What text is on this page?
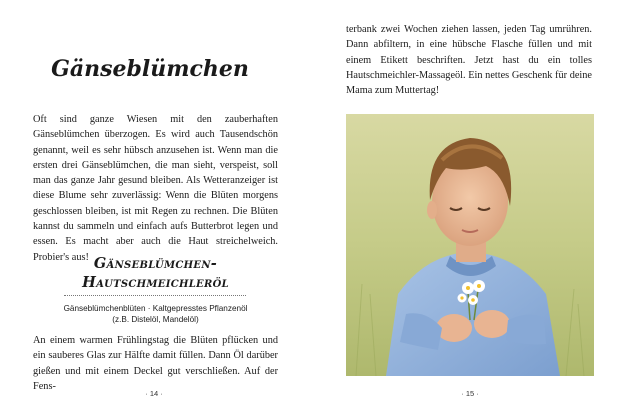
Gänseblümchen

Oft sind ganze Wiesen mit den zauberhaften Gänseblümchen überzogen. Es wird auch Tausendschön genannt, weil es sehr hübsch anzusehen ist. Wenn man die ersten drei Gänseblümchen, die man sieht, verspeist, soll man das ganze Jahr gesund bleiben. Als Wetteranzeiger ist diese Blume sehr zuverlässig: Wenn die Blüten morgens geschlossen bleiben, ist mit Regen zu rechnen. Die Blüten kannst du sammeln und einfach aufs Butterbrot legen und essen. Es macht aber auch die Haut streichelweich. Probier's aus! Gänseblümchen-
Hautschmeichleröl

Gänseblümchenblüten · Kaltgepresstes Pflanzenöl
(z.B. Distelöl, Mandelöl)

An einem warmen Frühlingstag die Blüten pflücken und ein sauberes Glas zur Hälfte damit füllen. Dann Öl darüber gießen und mit einem Deckel gut verschließen. Auf der Fens-

· 14 ·

terbank zwei Wochen ziehen lassen, jeden Tag umrühren. Dann abfiltern, in eine hübsche Flasche füllen und mit einem Etikett beschriften. Jetzt hast du ein tolles Hautschmeichler-Massageöl. Ein nettes Geschenk für deine Mama zum Muttertag!

· 15 ·
